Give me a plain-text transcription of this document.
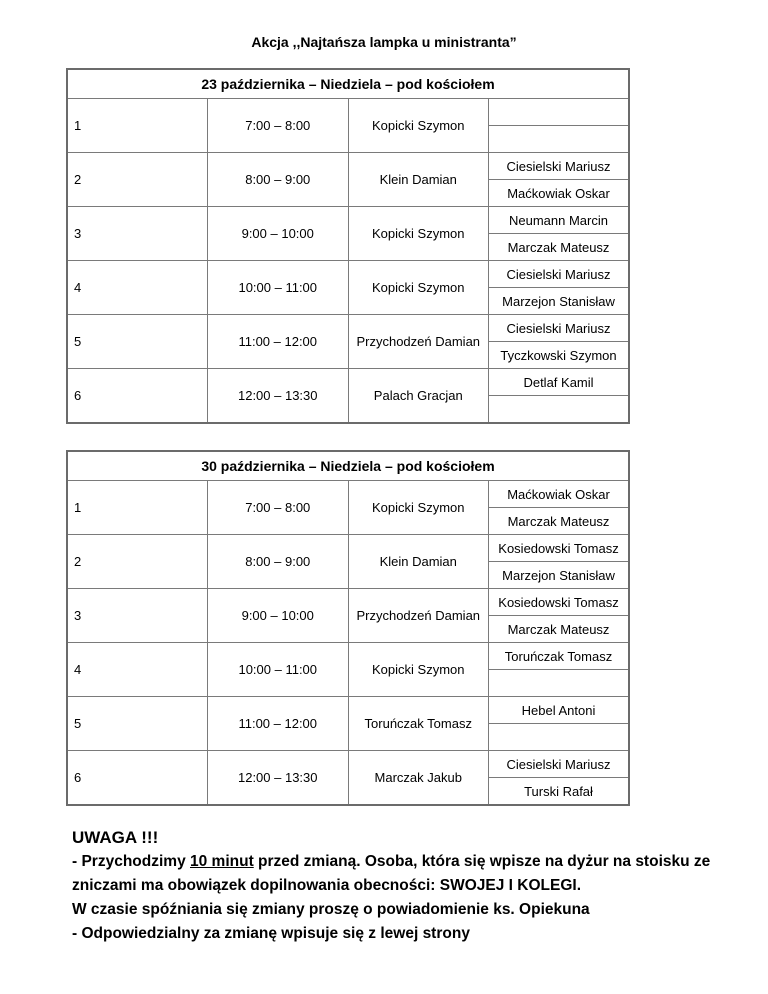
Akcja ,,Najtańsza lampka u ministranta”
23 października – Niedziela – pod kościołem			
1	7:00 – 8:00	Kopicki Szymon	

2	8:00 – 9:00	Klein Damian	Ciesielski Mariusz
			Maćkowiak Oskar
3	9:00 – 10:00	Kopicki Szymon	Neumann Marcin
			Marczak Mateusz
4	10:00 – 11:00	Kopicki Szymon	Ciesielski Mariusz
			Marzejon Stanisław
5	11:00 – 12:00	Przychodzeń Damian	Ciesielski Mariusz
			Tyczkowski Szymon
6	12:00 – 13:30	Palach Gracjan	Detlaf Kamil

30 października – Niedziela – pod kościołem			
1	7:00 – 8:00	Kopicki Szymon	Maćkowiak Oskar
			Marczak Mateusz
2	8:00 – 9:00	Klein Damian	Kosiedowski Tomasz
			Marzejon Stanisław
3	9:00 – 10:00	Przychodzeń Damian	Kosiedowski Tomasz
			Marczak Mateusz
4	10:00 – 11:00	Kopicki Szymon	Toruńczak Tomasz

5	11:00 – 12:00	Toruńczak Tomasz	Hebel Antoni

6	12:00 – 13:30	Marczak Jakub	Ciesielski Mariusz
			Turski Rafał
UWAGA !!!
- Przychodzimy 10 minut przed zmianą. Osoba, która się wpisze na dyżur na stoisku ze zniczami ma obowiązek dopilnowania obecności: SWOJEJ I KOLEGI.
W czasie spóźniania się zmiany proszę o powiadomienie ks. Opiekuna
- Odpowiedzialny za zmianę wpisuje się z lewej strony
